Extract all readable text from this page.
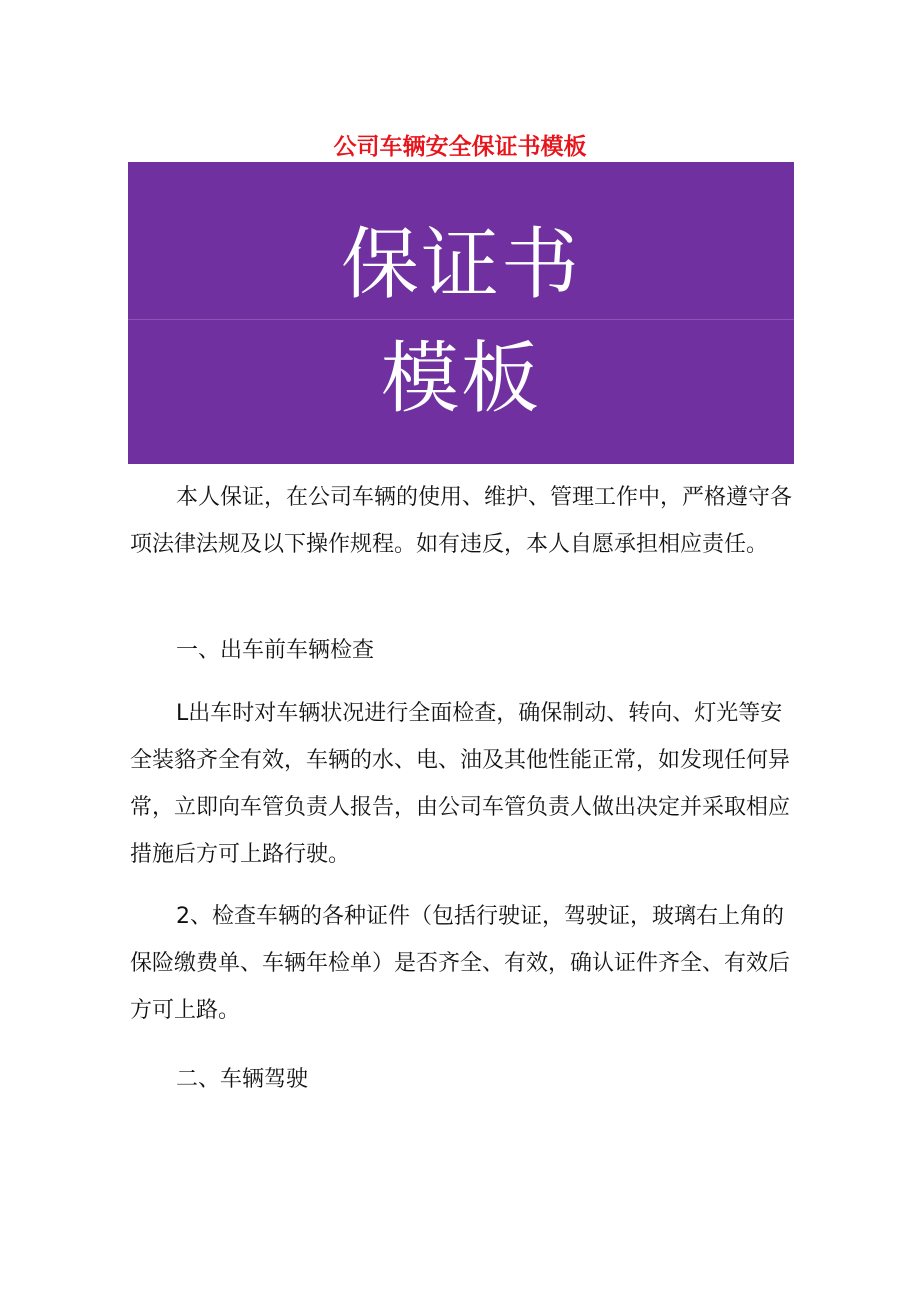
公司车辆安全保证书模板
保证书
模板
本人保证，在公司车辆的使用、维护、管理工作中，严格遵守各项法律法规及以下操作规程。如有违反，本人自愿承担相应责任。
一、出车前车辆检查
L出车时对车辆状况进行全面检查，确保制动、转向、灯光等安全装貉齐全有效，车辆的水、电、油及其他性能正常，如发现任何异常，立即向车管负责人报告，由公司车管负责人做出决定并采取相应措施后方可上路行驶。
2、检查车辆的各种证件（包括行驶证，驾驶证，玻璃右上角的保险缴费单、车辆年检单）是否齐全、有效，确认证件齐全、有效后方可上路。
二、车辆驾驶
